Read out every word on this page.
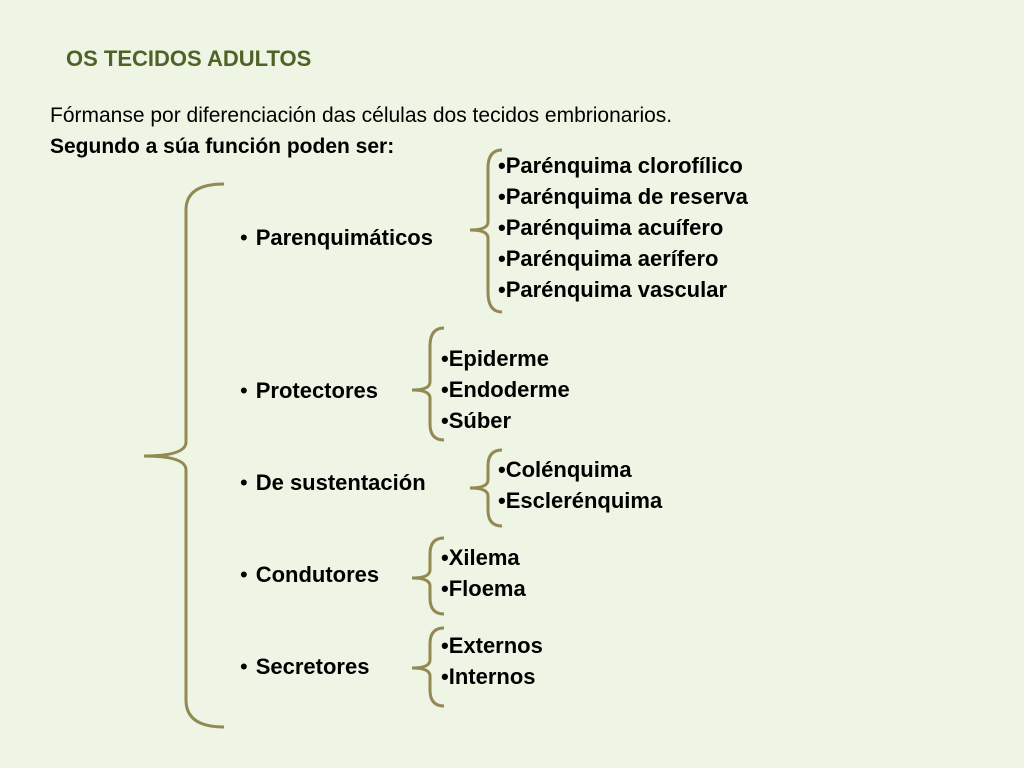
OS TECIDOS ADULTOS
Fórmanse por diferenciación das células dos tecidos embrionarios.
Segundo a súa función poden ser:
• Parenquimáticos
• Protectores
• De sustentación
• Condutores
• Secretores
•Parénquima clorofílico
•Parénquima de reserva
•Parénquima acuífero
•Parénquima aerífero
•Parénquima vascular
•Epiderme
•Endoderme
•Súber
•Colénquima
•Esclerénquima
•Xilema
•Floema
•Externos
•Internos
